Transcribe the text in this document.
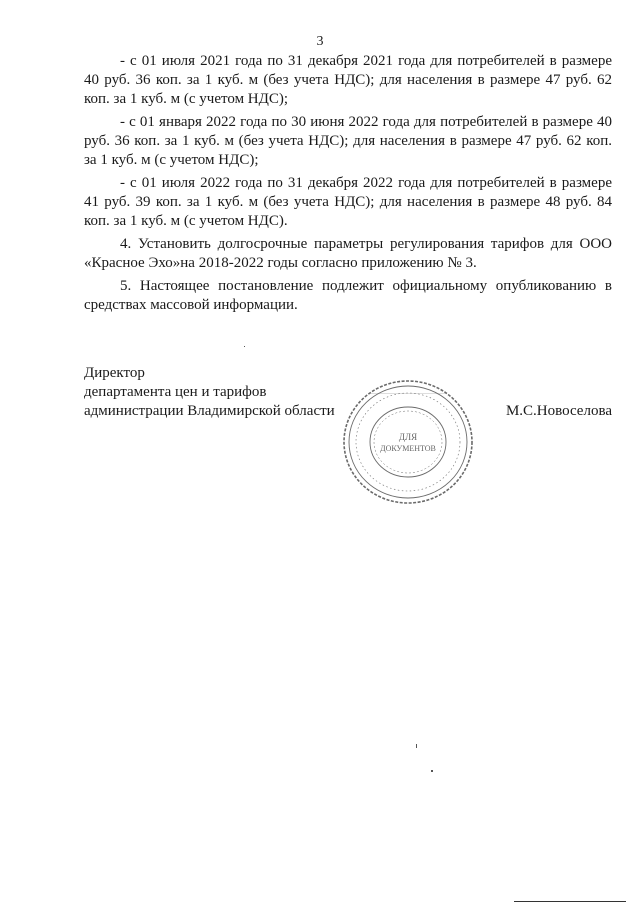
3

- с 01 июля 2021 года по 31 декабря 2021 года для потребителей в размере 40 руб. 36 коп. за 1 куб. м (без учета НДС); для населения в размере 47 руб. 62 коп. за 1 куб. м (с учетом НДС);

- с 01 января 2022 года по 30 июня 2022 года для потребителей в размере 40 руб. 36 коп. за 1 куб. м (без учета НДС); для населения в размере 47 руб. 62 коп. за 1 куб. м (с учетом НДС);

- с 01 июля 2022 года по 31 декабря 2022 года для потребителей в размере 41 руб. 39 коп. за 1 куб. м (без учета НДС); для населения в размере 48 руб. 84 коп. за 1 куб. м (с учетом НДС).

4. Установить долгосрочные параметры регулирования тарифов для ООО «Красное Эхо»на 2018-2022 годы согласно приложению № 3.

5. Настоящее постановление подлежит официальному опубликованию в средствах массовой информации.

Директор
департамента цен и тарифов
администрации Владимирской области
ДЛЯ
ДОКУМЕНТОВ
М.С.Новоселова
